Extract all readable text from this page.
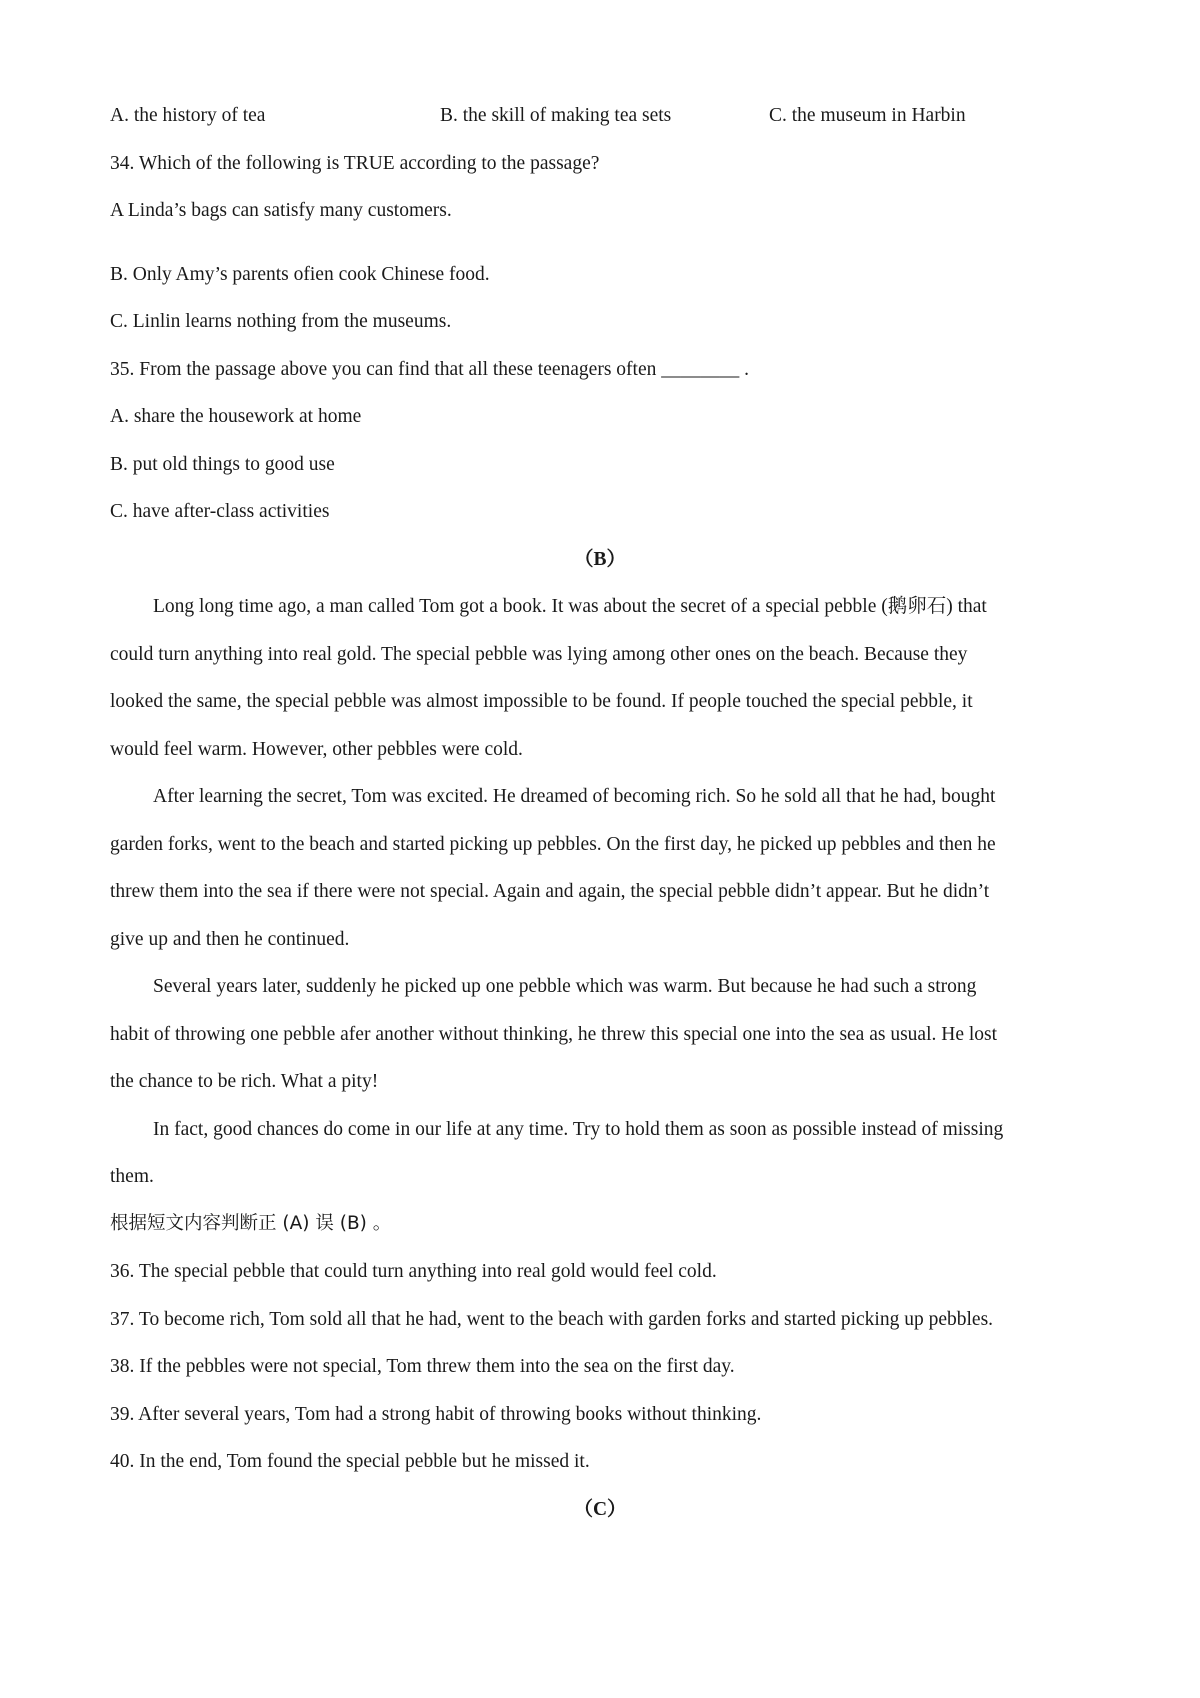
A. the history of tea	B. the skill of making tea sets	C. the museum in Harbin
34. Which of the following is TRUE according to the passage?
A Linda’s bags can satisfy many customers.
B. Only Amy’s parents ofien cook Chinese food.
C. Linlin learns nothing from the museums.
35. From the passage above you can find that all these teenagers often ________ .
A. share the housework at home
B. put old things to good use
C. have after-class activities
（B）
Long long time ago, a man called Tom got a book. It was about the secret of a special pebble (鹅卵石) that
could turn anything into real gold. The special pebble was lying among other ones on the beach. Because they
looked the same, the special pebble was almost impossible to be found. If people touched the special pebble, it
would feel warm. However, other pebbles were cold.
After learning the secret, Tom was excited. He dreamed of becoming rich. So he sold all that he had, bought
garden forks, went to the beach and started picking up pebbles. On the first day, he picked up pebbles and then he
threw them into the sea if there were not special. Again and again, the special pebble didn’t appear. But he didn’t
give up and then he continued.
Several years later, suddenly he picked up one pebble which was warm. But because he had such a strong
habit of throwing one pebble afer another without thinking, he threw this special one into the sea as usual. He lost
the chance to be rich. What a pity!
In fact, good chances do come in our life at any time. Try to hold them as soon as possible instead of missing
them.
根据短文内容判断正 (A) 误 (B) 。
36. The special pebble that could turn anything into real gold would feel cold.
37. To become rich, Tom sold all that he had, went to the beach with garden forks and started picking up pebbles.
38. If the pebbles were not special, Tom threw them into the sea on the first day.
39. After several years, Tom had a strong habit of throwing books without thinking.
40. In the end, Tom found the special pebble but he missed it.
（C）
